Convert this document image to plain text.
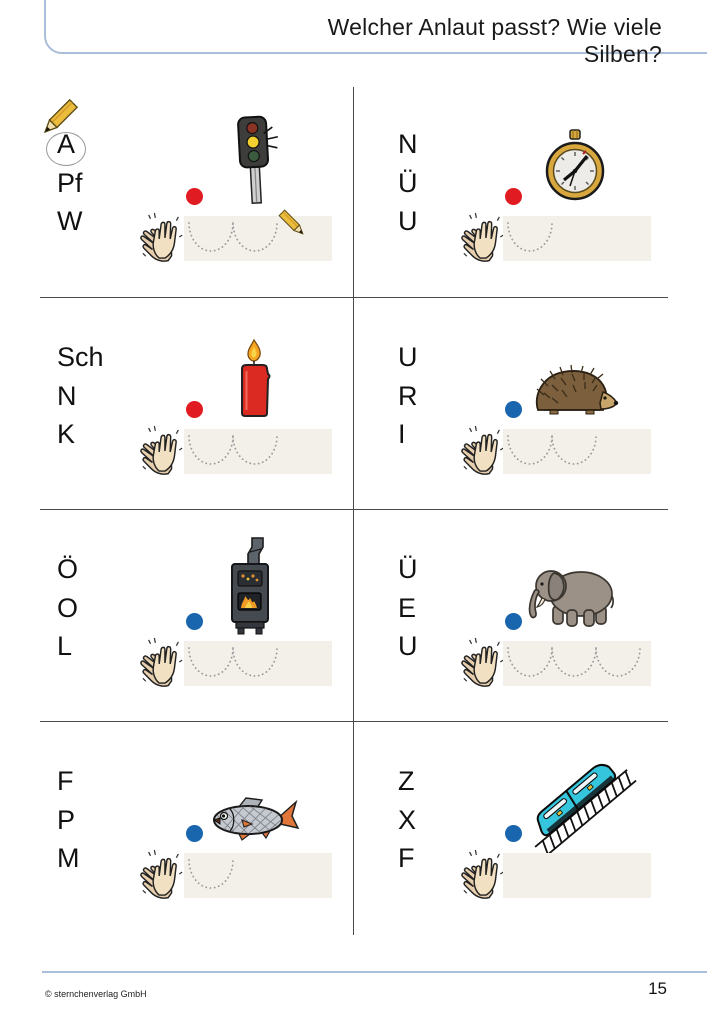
Welcher Anlaut passt? Wie viele Silben?
A
Pf
W
N
Ü
U
Sch
N
K
U
R
I
Ö
O
L
Ü
E
U
F
P
M
Z
X
F
© sternchenverlag GmbH	15
